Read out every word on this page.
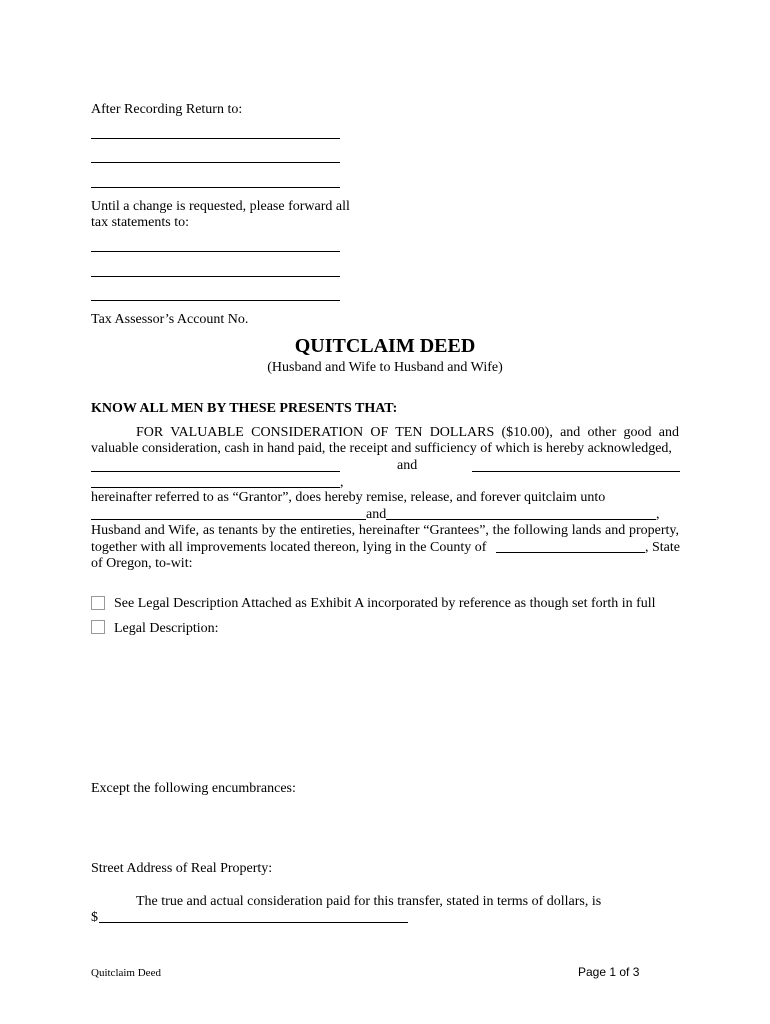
After Recording Return to:
Until a change is requested, please forward all
tax statements to:
Tax Assessor’s Account No.
QUITCLAIM DEED
(Husband and Wife to Husband and Wife)
KNOW ALL MEN BY THESE PRESENTS THAT:
FOR VALUABLE CONSIDERATION OF TEN DOLLARS ($10.00), and other good and
valuable consideration, cash in hand paid, the receipt and sufficiency of which is hereby acknowledged,
and
,
hereinafter referred to as “Grantor”, does hereby remise, release, and forever quitclaim unto
and	,
Husband and Wife, as tenants by the entireties, hereinafter “Grantees”, the following lands and property,
together with all improvements located thereon, lying in the County of	, State
of Oregon, to-wit:
See Legal Description Attached as Exhibit A incorporated by reference as though set forth in full
Legal Description:
Except the following encumbrances:
Street Address of Real Property:
The true and actual consideration paid for this transfer, stated in terms of dollars, is
$
Quitclaim Deed	Page 1 of 3
